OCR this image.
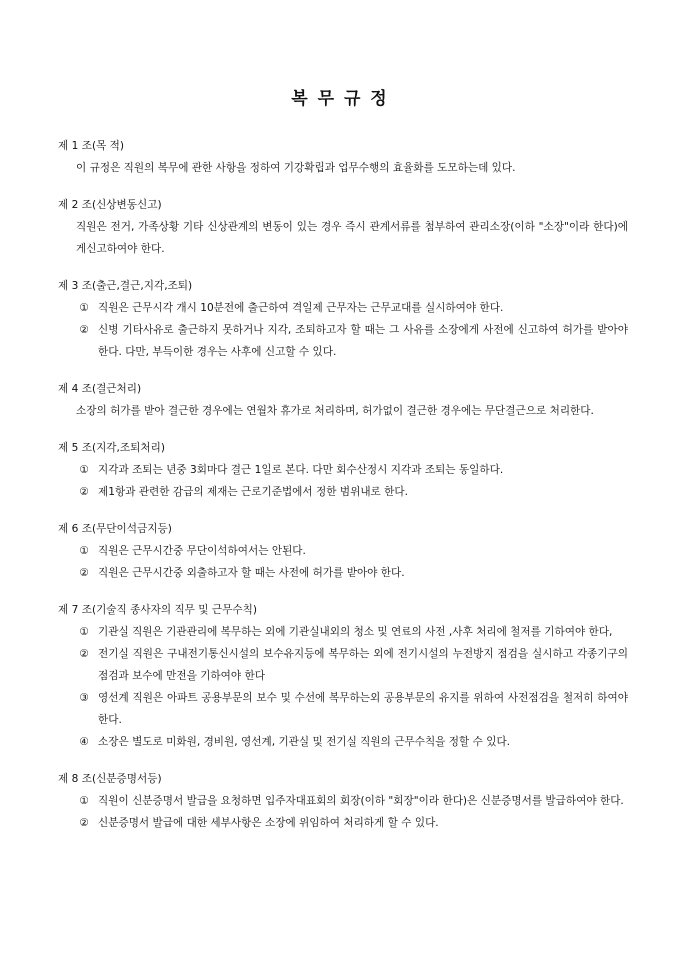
복 무 규 정
제 1 조(목 적)
이 규정은 직원의 복무에 관한 사항을 정하여 기강확립과 업무수행의 효율화를 도모하는데 있다.
제 2 조(신상변동신고)
직원은 전거, 가족상황 기타 신상관계의 변동이 있는 경우 즉시 관계서류를 첨부하여 관리소장(이하 "소장"이라 한다)에게신고하여야 한다.
제 3 조(출근,결근,지각,조퇴)
① 직원은 근무시각 개시 10분전에 출근하여 격일제 근무자는 근무교대를 실시하여야 한다.
② 신병 기타사유로 출근하지 못하거나 지각, 조퇴하고자 할 때는 그 사유를 소장에게 사전에 신고하여 허가를 받아야 한다. 다만, 부득이한 경우는 사후에 신고할 수 있다.
제 4 조(결근처리)
소장의 허가를 받아 결근한 경우에는 연월차 휴가로 처리하며, 허가없이 결근한 경우에는 무단결근으로 처리한다.
제 5 조(지각,조퇴처리)
① 지각과 조퇴는 년중 3회마다 결근 1일로 본다. 다만 회수산정시 지각과 조퇴는 동일하다.
② 제1항과 관련한 감급의 제재는 근로기준법에서 정한 범위내로 한다.
제 6 조(무단이석금지등)
① 직원은 근무시간중 무단이석하여서는 안된다.
② 직원은 근무시간중 외출하고자 할 때는 사전에 허가를 받아야 한다.
제 7 조(기술직 종사자의 직무 및 근무수칙)
① 기관실 직원은 기관관리에 복무하는 외에 기관실내외의 청소 및 연료의 사전 ,사후 처리에 철저를 기하여야 한다,
② 전기실 직원은 구내전기통신시설의 보수유지등에 복무하는 외에 전기시설의 누전방지 점검을 실시하고 각종기구의 점검과 보수에 만전을 기하여야 한다
③ 영선계 직원은 아파트 공용부문의 보수 및 수선에 복무하는외 공용부문의 유지를 위하여 사전점검을 철저히 하여야 한다.
④ 소장은 별도로 미화원, 경비원, 영선계, 기관실 및 전기실 직원의 근무수칙을 정할 수 있다.
제 8 조(신분증명서등)
① 직원이 신분증명서 발급을 요청하면 입주자대표회의 회장(이하 "회장"이라 한다)은 신분증명서를 발급하여야 한다.
② 신분증명서 발급에 대한 세부사항은 소장에 위임하여 처리하게 할 수 있다.
